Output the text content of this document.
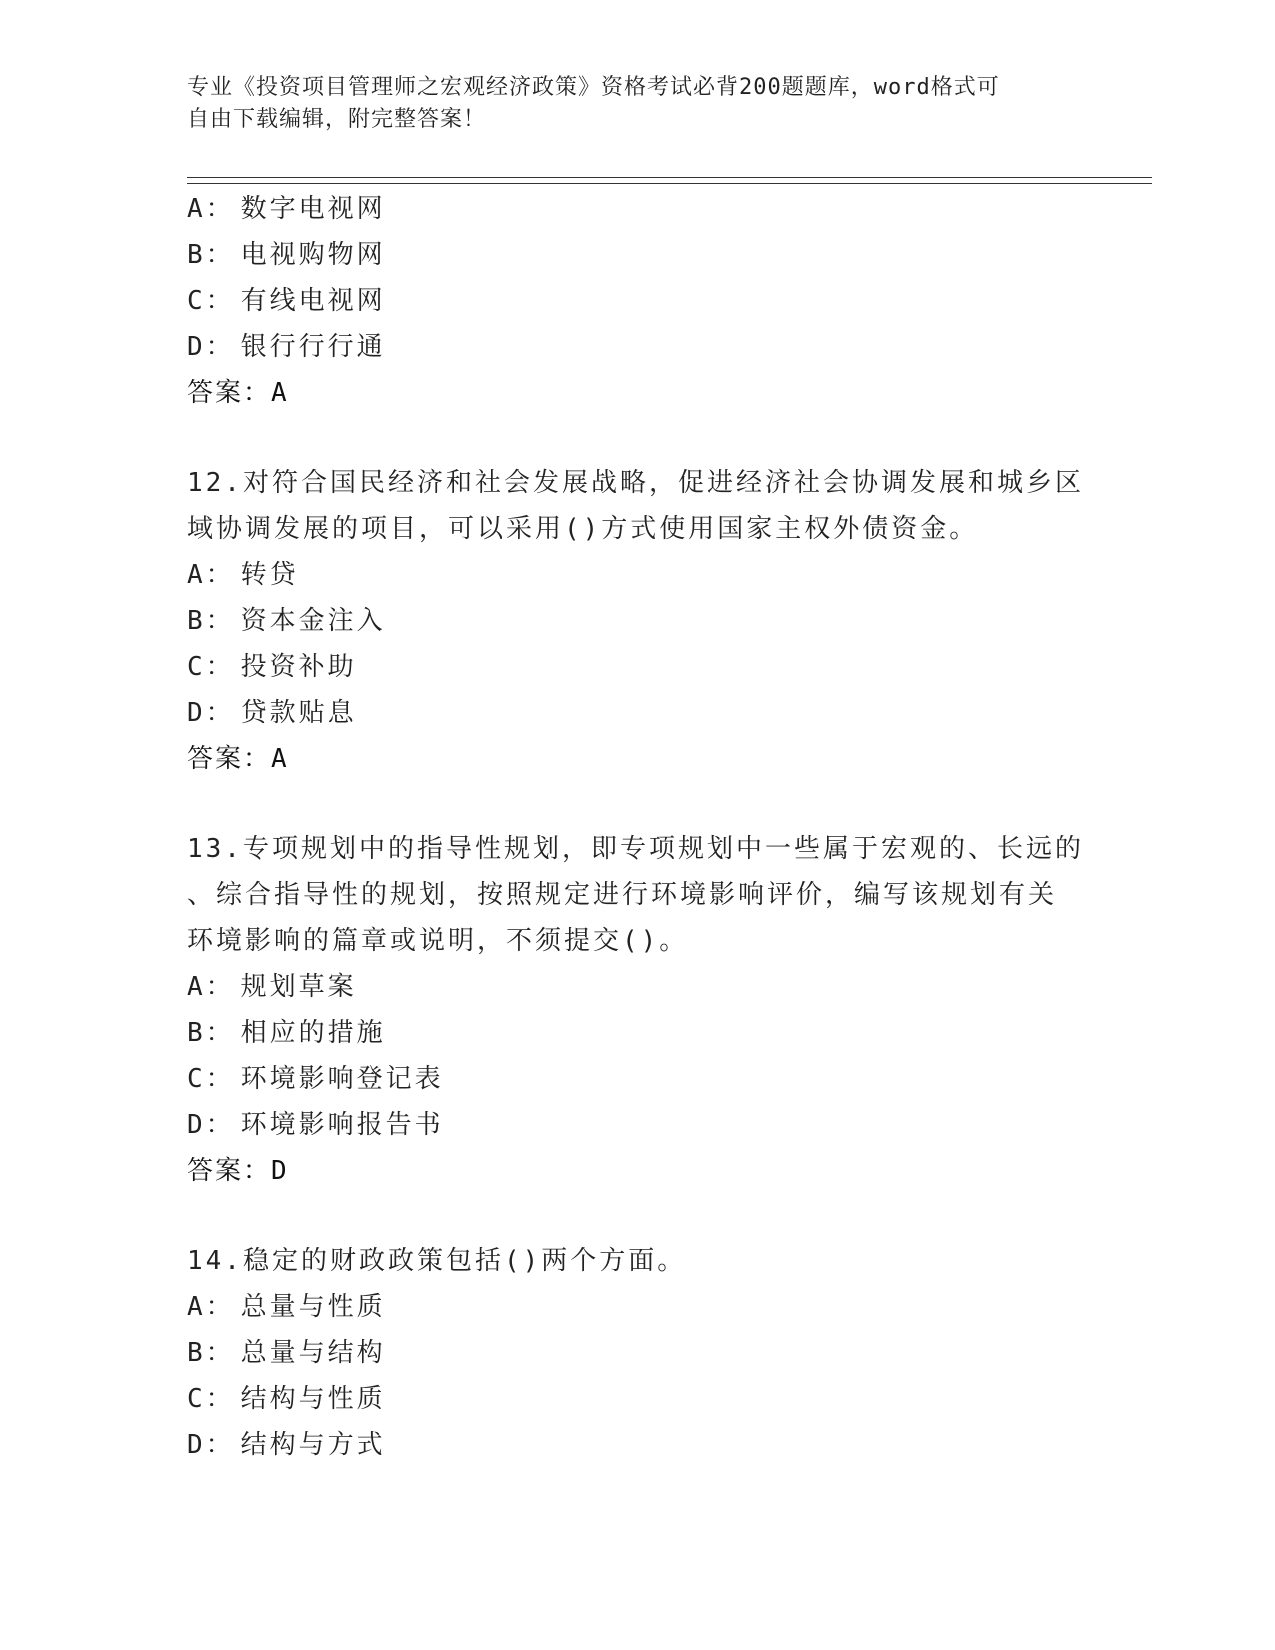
专业《投资项目管理师之宏观经济政策》资格考试必背200题题库，word格式可
自由下载编辑，附完整答案！
A： 数字电视网
B： 电视购物网
C： 有线电视网
D： 银行行行通
答案：A
12.对符合国民经济和社会发展战略，促进经济社会协调发展和城乡区
域协调发展的项目，可以采用()方式使用国家主权外债资金。
A： 转贷
B： 资本金注入
C： 投资补助
D： 贷款贴息
答案：A
13.专项规划中的指导性规划，即专项规划中一些属于宏观的、长远的
、综合指导性的规划，按照规定进行环境影响评价，编写该规划有关
环境影响的篇章或说明，不须提交()。
A： 规划草案
B： 相应的措施
C： 环境影响登记表
D： 环境影响报告书
答案：D
14.稳定的财政政策包括()两个方面。
A： 总量与性质
B： 总量与结构
C： 结构与性质
D： 结构与方式
